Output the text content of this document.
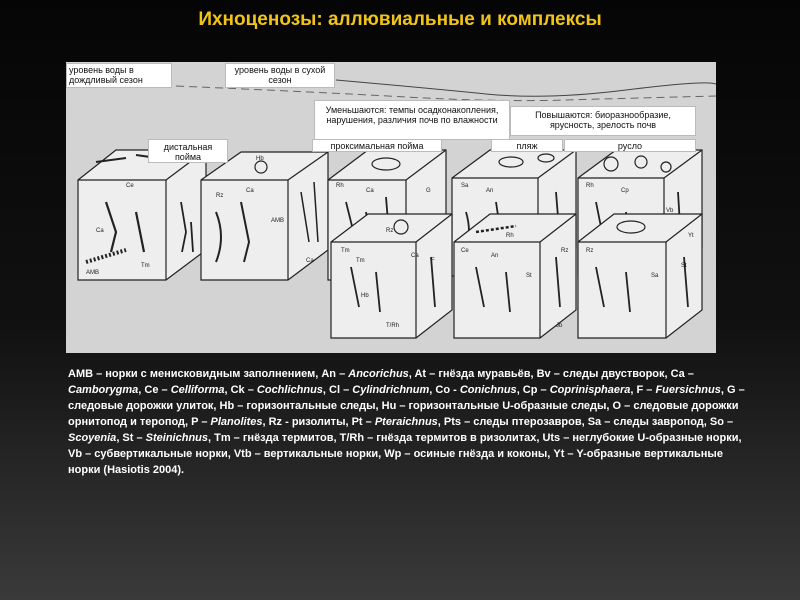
Ихноценозы: аллювиальные и комплексы
Ce
Ca
Tm
AMB
Hb
Ca
Rz
AMB
Ca
Rh
Ca
Rz
Tm
G
F
Sa
An
Rh
Rz
Rh
Cp
Vb
St
Tm
Hb
Ca
T/Rh
Ce
An
St
Jb
Rz
Sa
Yt
уровень воды в дождливый сезон
уровень воды в сухой сезон
Уменьшаются: темпы осадконакопления, нарушения, различия почв по влажности	Повышаются: биоразнообразие, ярусность, зрелость почв
дистальная пойма
проксимальная пойма	пляж	русло
AMB – норки с менисковидным заполнением, An – Ancorichus, At – гнёзда муравьёв, Bv – следы двустворок, Ca – Camborygma, Ce – Celliforma, Ck – Cochlichnus, Cl – Cylindrichnum, Co - Conichnus, Cp – Coprinisphaera, F – Fuersichnus, G – следовые дорожки улиток, Hb – горизонтальные следы, Hu – горизонтальные U-образные следы, O – следовые дорожки орнитопод и теропод, P – Planolites, Rz - ризолиты, Pt – Pteraichnus, Pts – следы птерозавров, Sa – следы завропод, So – Scoyenia, St – Steinichnus, Tm – гнёзда термитов, T/Rh – гнёзда термитов в ризолитах, Uts – неглубокие U-образные норки, Vb – субвертикальные норки, Vtb – вертикальные норки, Wp – осиные гнёзда и коконы, Yt – Y-образные вертикальные норки (Hasiotis 2004).
